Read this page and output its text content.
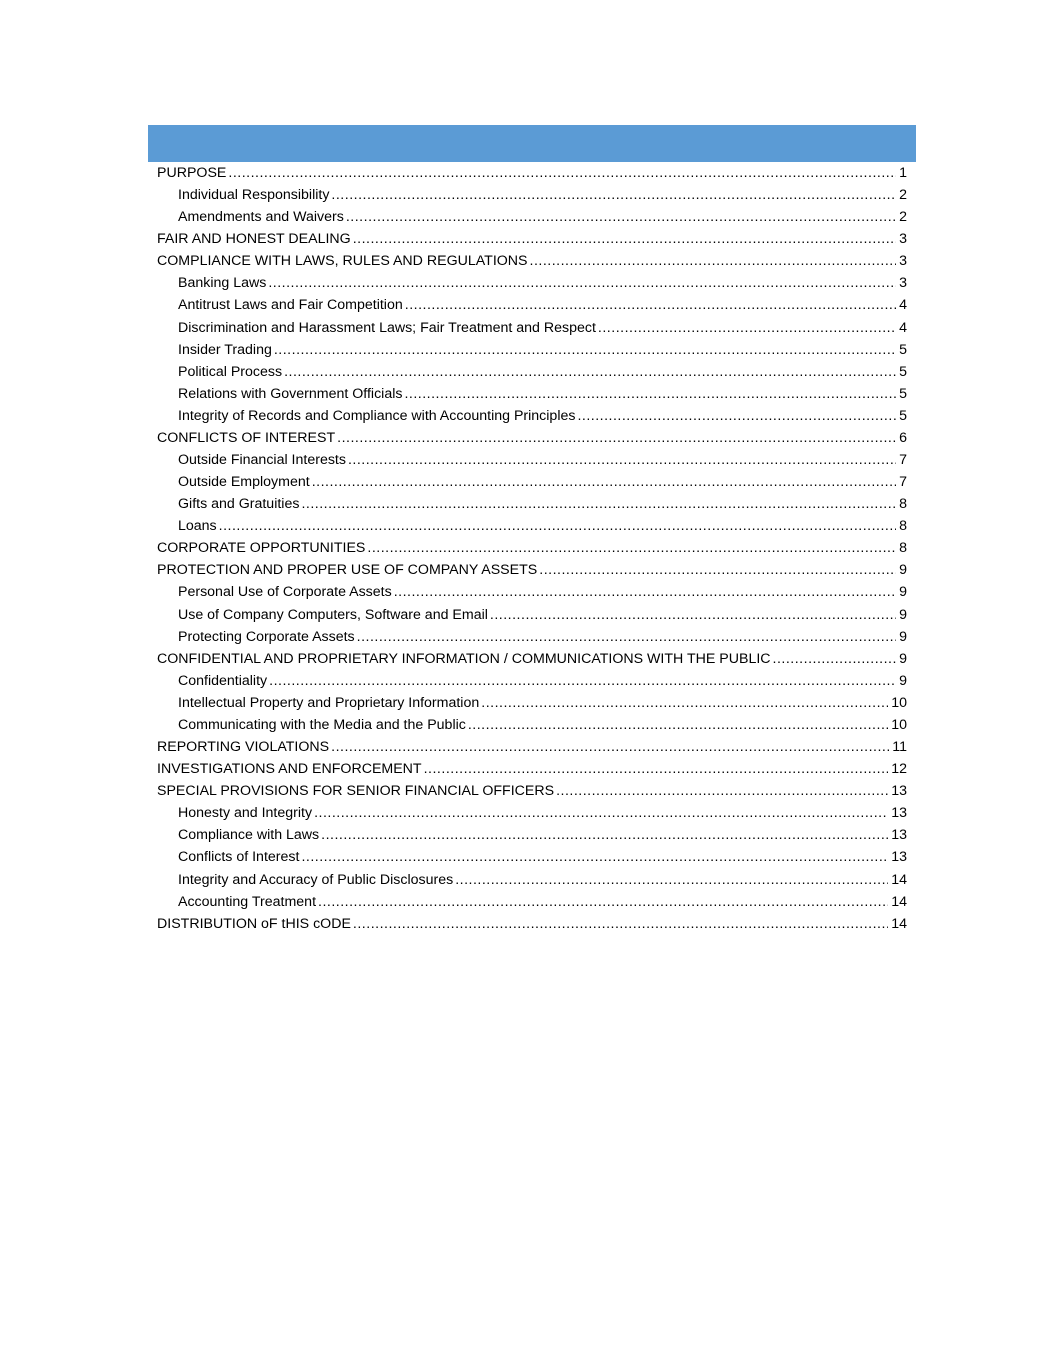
PURPOSE .....	1
Individual Responsibility .....	2
Amendments and Waivers .....	2
FAIR AND HONEST DEALING .....	3
COMPLIANCE WITH LAWS, RULES AND REGULATIONS .....	3
Banking Laws .....	3
Antitrust Laws and Fair Competition .....	4
Discrimination and Harassment Laws; Fair Treatment and Respect .....	4
Insider Trading .....	5
Political Process .....	5
Relations with Government Officials .....	5
Integrity of Records and Compliance with Accounting Principles .....	5
CONFLICTS OF INTEREST .....	6
Outside Financial Interests .....	7
Outside Employment .....	7
Gifts and Gratuities .....	8
Loans .....	8
CORPORATE OPPORTUNITIES .....	8
PROTECTION AND PROPER USE OF COMPANY ASSETS .....	9
Personal Use of Corporate Assets .....	9
Use of Company Computers, Software and Email .....	9
Protecting Corporate Assets .....	9
CONFIDENTIAL AND PROPRIETARY INFORMATION / COMMUNICATIONS WITH THE PUBLIC .....	9
Confidentiality .....	9
Intellectual Property and Proprietary Information .....	10
Communicating with the Media and the Public .....	10
REPORTING VIOLATIONS .....	11
INVESTIGATIONS AND ENFORCEMENT .....	12
SPECIAL PROVISIONS FOR SENIOR FINANCIAL OFFICERS .....	13
Honesty and Integrity .....	13
Compliance with Laws .....	13
Conflicts of Interest .....	13
Integrity and Accuracy of Public Disclosures .....	14
Accounting Treatment .....	14
DISTRIBUTION oF tHIS cODE .....	14
